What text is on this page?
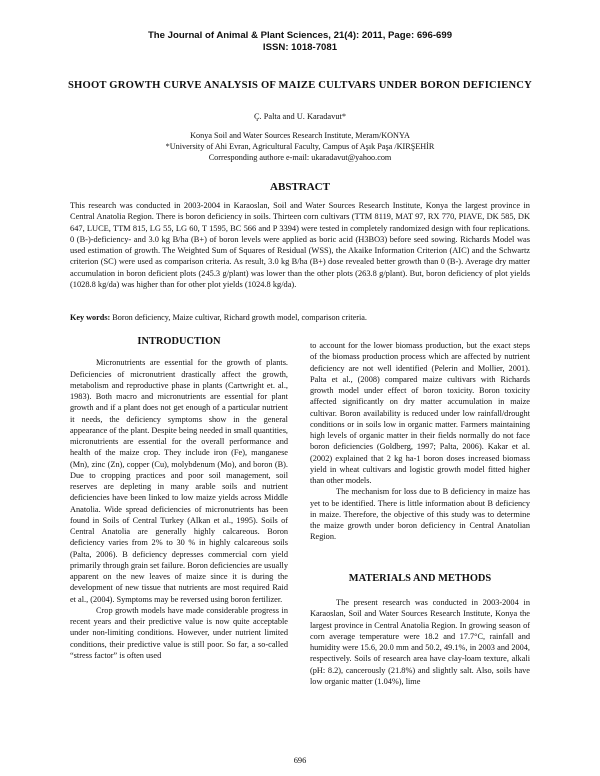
The Journal of Animal & Plant Sciences, 21(4): 2011, Page: 696-699
ISSN: 1018-7081
SHOOT GROWTH CURVE ANALYSIS OF MAIZE CULTVARS UNDER BORON DEFICIENCY
Ç. Palta and U. Karadavut*
Konya Soil and Water Sources Research Institute, Meram/KONYA
*University of Ahi Evran, Agricultural Faculty, Campus of Aşık Paşa /KIRŞEHİR
Corresponding authore e-mail: ukaradavut@yahoo.com
ABSTRACT
This research was conducted in 2003-2004 in Karaoslan, Soil and Water Sources Research Institute, Konya the largest province in Central Anatolia Region. There is boron deficiency in soils. Thirteen corn cultivars (TTM 8119, MAT 97, RX 770, PIAVE, DK 585, DK 647, LUCE, TTM 815, LG 55, LG 60, T 1595, BC 566 and P 3394) were tested in completely randomized design with four replications. 0 (B-)-deficiency- and 3.0 kg B/ha (B+) of boron levels were applied as boric acid (H3BO3) before seed sowing. Richards Model was used estimation of growth. The Weighted Sum of Squares of Residual (WSS), the Akaike Information Criterion (AIC) and the Schwartz criterion (SC) were used as comparison criteria. As result, 3.0 kg B/ha (B+) dose revealed better growth than 0 (B-). Average dry matter accumulation in boron deficient plots (245.3 g/plant) was lower than the other plots (263.8 g/plant). But, boron deficiency of plot yields (1028.8 kg/da) was higher than for other plot yields (1024.8 kg/da).
Key words: Boron deficiency, Maize cultivar, Richard growth model, comparison criteria.
INTRODUCTION

Micronutrients are essential for the growth of plants. Deficiencies of micronutrient drastically affect the growth, metabolism and reproductive phase in plants (Cartwright et. al., 1983). Both macro and micronutrients are essential for plant growth and if a plant does not get enough of a particular nutrient it needs, the deficiency symptoms show in the general appearance of the plant. Despite being needed in small quantities, micronutrients are essential for the overall performance and health of the maize crop. They include iron (Fe), manganese (Mn), zinc (Zn), copper (Cu), molybdenum (Mo), and boron (B). Due to cropping practices and poor soil management, soil reserves are depleting in many arable soils and nutrient deficiencies have been linked to low maize yields across Middle Anatolia. Wide spread deficiencies of micronutrients has been found in Soils of Central Turkey (Alkan et al., 1995). Soils of Central Anatolia are generally highly calcareous. Boron deficiency varies from 2% to 30 % in highly calcareous soils (Palta, 2006). B deficiency depresses commercial corn yield primarily through grain set failure. Boron deficiencies are usually apparent on the new leaves of maize since it is during the development of new tissue that nutrients are most required Raid et al., (2004). Symptoms may be reversed using boron fertilizer.

Crop growth models have made considerable progress in recent years and their predictive value is now quite acceptable under non-limiting conditions. However, under nutrient limited conditions, their predictive value is still poor. So far, a so-called “stress factor” is often used

to account for the lower biomass production, but the exact steps of the biomass production process which are affected by nutrient deficiency are not well identified (Pelerin and Mollier, 2001). Palta et al., (2008) compared maize cultivars with Richards growth model under effect of boron toxicity. Boron toxicity affected significantly on dry matter accumulation in maize cultivar. Boron availability is reduced under low rainfall/drought conditions or in soils low in organic matter. Farmers maintaining high levels of organic matter in their fields normally do not face boron deficiencies (Goldberg, 1997; Palta, 2006). Kakar et al. (2002) explained that 2 kg ha-1 boron doses increased biomass yield in wheat cultivars and logistic growth model fitted higher than other models.

The mechanism for loss due to B deficiency in maize has yet to be identified. There is little information about B deficiency in maize. Therefore, the objective of this study was to determine the maize growth under boron deficiency in Central Anatolian Region.

MATERIALS AND METHODS

The present research was conducted in 2003-2004 in Karaoslan, Soil and Water Sources Research Institute, Konya the largest province in Central Anatolia Region. In growing season of corn average temperature were 18.2 and 17.7°C, rainfall and humidity were 15.6, 20.0 mm and 50.2, 49.1%, in 2003 and 2004, respectively. Soils of research area have clay-loam texture, alkali (pH: 8.2), cancerously (21.8%) and slightly salt. Also, soils have low organic matter (1.04%), lime

696
